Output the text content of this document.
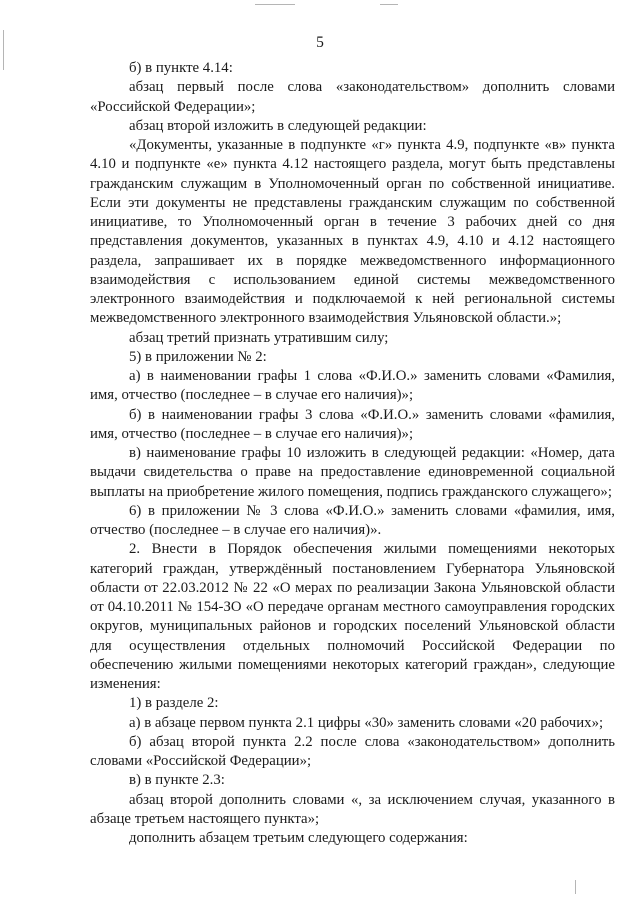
5

б) в пункте 4.14:

абзац первый после слова «законодательством» дополнить словами «Российской Федерации»;

абзац второй изложить в следующей редакции:

«Документы, указанные в подпункте «г» пункта 4.9, подпункте «в» пункта 4.10 и подпункте «е» пункта 4.12 настоящего раздела, могут быть представлены гражданским служащим в Уполномоченный орган по собственной инициативе. Если эти документы не представлены гражданским служащим по собственной инициативе, то Уполномоченный орган в течение 3 рабочих дней со дня представления документов, указанных в пунктах 4.9, 4.10 и 4.12 настоящего раздела, запрашивает их в порядке межведомственного информационного взаимодействия с использованием единой системы межведомственного электронного взаимодействия и подключаемой к ней региональной системы межведомственного электронного взаимодействия Ульяновской области.»;

абзац третий признать утратившим силу;

5) в приложении № 2:

а) в наименовании графы 1 слова «Ф.И.О.» заменить словами «Фамилия, имя, отчество (последнее – в случае его наличия)»;

б) в наименовании графы 3 слова «Ф.И.О.» заменить словами «фамилия, имя, отчество (последнее – в случае его наличия)»;

в) наименование графы 10 изложить в следующей редакции: «Номер, дата выдачи свидетельства о праве на предоставление единовременной социальной выплаты на приобретение жилого помещения, подпись гражданского служащего»;

6) в приложении № 3 слова «Ф.И.О.» заменить словами «фамилия, имя, отчество (последнее – в случае его наличия)».

2. Внести в Порядок обеспечения жилыми помещениями некоторых категорий граждан, утверждённый постановлением Губернатора Ульяновской области от 22.03.2012 № 22 «О мерах по реализации Закона Ульяновской области от 04.10.2011 № 154-ЗО «О передаче органам местного самоуправления городских округов, муниципальных районов и городских поселений Ульяновской области для осуществления отдельных полномочий Российской Федерации по обеспечению жилыми помещениями некоторых категорий граждан», следующие изменения:

1) в разделе 2:

а) в абзаце первом пункта 2.1 цифры «30» заменить словами «20 рабочих»;

б) абзац второй пункта 2.2 после слова «законодательством» дополнить словами «Российской Федерации»;

в) в пункте 2.3:

абзац второй дополнить словами «, за исключением случая, указанного в абзаце третьем настоящего пункта»;

дополнить абзацем третьим следующего содержания:
